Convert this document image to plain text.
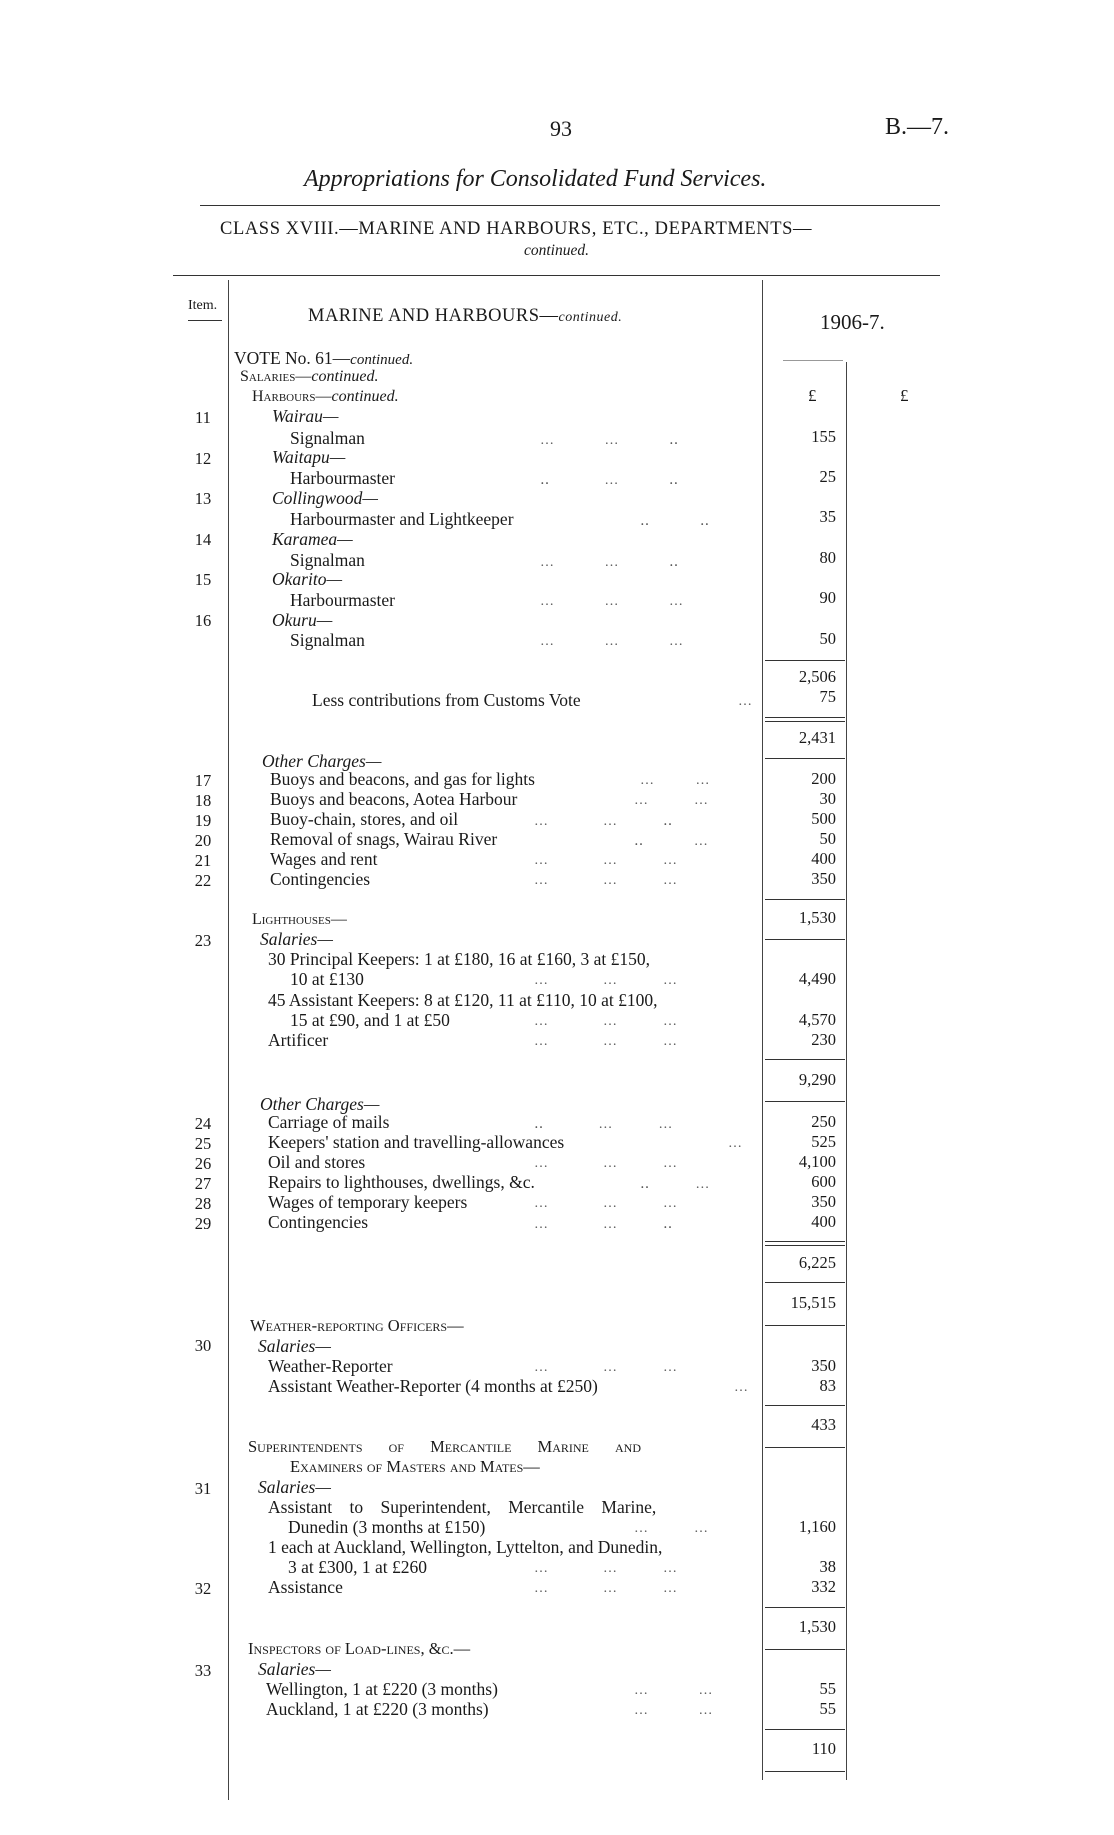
93	B.—7.
Appropriations for Consolidated Fund Services.
CLASS XVIII.—MARINE AND HARBOURS, ETC., DEPARTMENTS—
continued.
Item.
MARINE AND HARBOURS—continued.	1906-7.
VOTE No. 61—continued.
Salaries—continued.
Harbours—continued.	£	£
11	Wairau—
Signalman	…           …           ‥	155
12	Waitapu—
Harbourmaster	‥            …           ‥	25
13	Collingwood—
Harbourmaster and Lightkeeper	‥           ‥	35
14	Karamea—
Signalman	…           …           ‥	80
15	Okarito—
Harbourmaster	…           …           …	90
16	Okuru—
Signalman	…           …           …	50
2,506
Less contributions from Customs Vote	…	75
2,431
Other Charges—
17	Buoys and beacons, and gas for lights	…         …	200
18	Buoys and beacons, Aotea Harbour	…          …	30
19	Buoy-chain, stores, and oil	…            …          ‥	500
20	Removal of snags, Wairau River	‥           …	50
21	Wages and rent	…            …          …	400
22	Contingencies	…            …          …	350
1,530
Lighthouses—
23	Salaries—
30 Principal Keepers: 1 at £180, 16 at £160, 3 at £150,
10 at £130	…            …          …	4,490
45 Assistant Keepers: 8 at £120, 11 at £110, 10 at £100,
15 at £90, and 1 at £50	…            …          …	4,570
Artificer	…            …          …	230
9,290
Other Charges—
24	Carriage of mails	‥            …          …	250
25	Keepers' station and travelling-allowances	…	525
26	Oil and stores	…            …          …	4,100
27	Repairs to lighthouses, dwellings, &c.	‥          …	600
28	Wages of temporary keepers	…            …          …	350
29	Contingencies	…            …          ‥	400
6,225
15,515
Weather-reporting Officers—
30	Salaries—
Weather-Reporter	…            …          …	350
Assistant Weather-Reporter (4 months at £250)	…	83
433
Superintendents of Mercantile Marine and
Examiners of Masters and Mates—
31	Salaries—
Assistant to Superintendent, Mercantile Marine,
Dunedin (3 months at £150)	…          …	1,160
1 each at Auckland, Wellington, Lyttelton, and Dunedin,
3 at £300, 1 at £260	…            …          …	38
32	Assistance	…            …          …	332
1,530
Inspectors of Load-lines, &c.—
33	Salaries—
Wellington, 1 at £220 (3 months)	…           …	55
Auckland, 1 at £220 (3 months)	…           …	55
110
